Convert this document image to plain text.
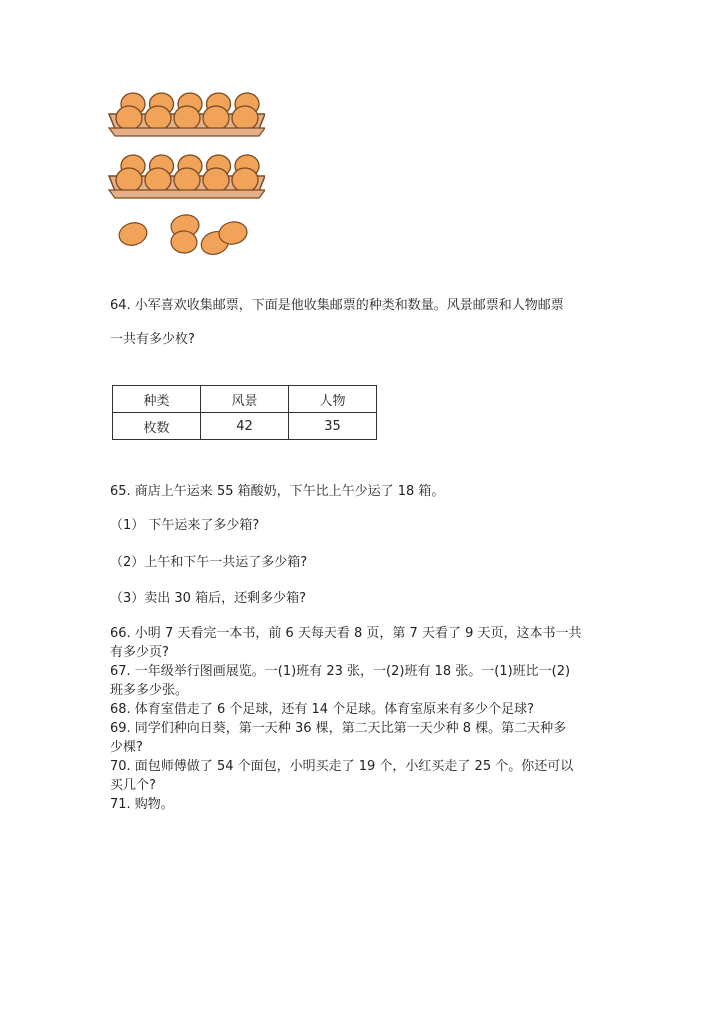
64. 小军喜欢收集邮票，下面是他收集邮票的种类和数量。风景邮票和人物邮票
一共有多少枚?
种类	风景	人物
枚数	42	35
65. 商店上午运来 55 箱酸奶，下午比上午少运了 18 箱。
（1） 下午运来了多少箱?
（2）上午和下午一共运了多少箱?
（3）卖出 30 箱后，还剩多少箱?

66. 小明 7 天看完一本书，前 6 天每天看 8 页，第 7 天看了 9 天页，这本书一共
有多少页?

67. 一年级举行图画展览。一(1)班有 23 张，一(2)班有 18 张。一(1)班比一(2)
班多多少张。

68. 体育室借走了 6 个足球，还有 14 个足球。体育室原来有多少个足球?

69. 同学们种向日葵，第一天种 36 棵，第二天比第一天少种 8 棵。第二天种多
少棵?

70. 面包师傅做了 54 个面包，小明买走了 19 个，小红买走了 25 个。你还可以
买几个?

71. 购物。
